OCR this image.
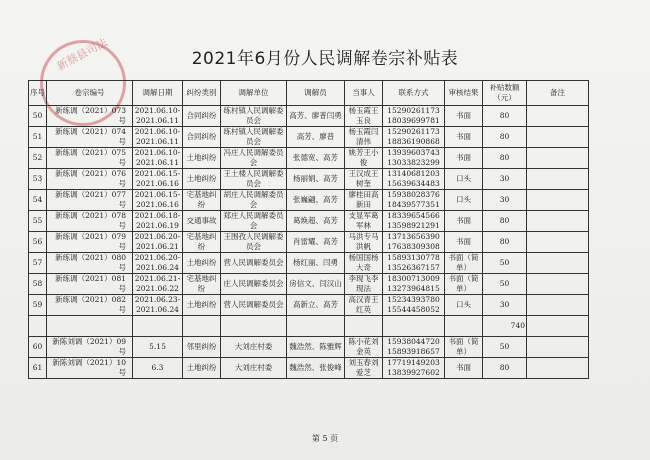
新蔡县司法	2021年6月份人民调解卷宗补贴表
序号	卷宗编号	调解日期	纠纷类别	调解单位	调解员	当事人	联系方式	审核结果	补贴数额（元）	备注
50	新练调（2021）073号	2021.06.10-2021.06.11	合同纠纷	练村镇人民调解委员会	高芳、廖普闫勇	杨玉霞王玉良	15290261173 18039699781	书面	80	
51	新练调（2021）074号	2021.06.10-2021.06.11	合同纠纷	练村镇人民调解委员会	高芳、廖普	杨玉霞闫清伟	15290261173 18836190868	书面	80	
52	新练调（2021）075号	2021.06.10-2021.06.11	土地纠纷	冯庄人民调解委员会	张德宽、高芳	姚芳王小俊	13939603743 13033823299	书面	80	
53	新练调（2021）076号	2021.06.15-2021.06.16	土地纠纷	王土楼人民调解委员会	杨丽娟、高芳	王汉成王树奎	13140681203 15639634483	口头	30	
54	新练调（2021）077号	2021.06.15-2021.06.16	宅基地纠纷	胡庄人民调解委员会	张巍翩、高芳	廖桂田高新田	15938028376 18439577351	口头	30	
55	新练调（2021）078号	2021.06.18-2021.06.19	交通事故	郑庄人民调解委员会	葛焕超、高芳	支显军葛军林	18339654566 13598921291	书面	80	
56	新练调（2021）079号	2021.06.20-2021.06.21	宅基地纠纷	王围孜人民调解委员会	肖雷耀、高芳	马洪专马洪帆	13713656390 17638309308	书面	80	
57	新练调（2021）080号	2021.06.20-2021.06.24	土地纠纷	营人民调解委员会	杨红丽、闫勇	杨国国杨大奇	15893130778 13526367157	书面（简单）	50	
58	新练调（2021）081号	2021.06.21-2021.06.22	宅基地纠纷	庄人民调解委员会	房信文、闫汉山	李现飞李现法	18300713009 13273964815	书面（简单）	50	
59	新练调（2021）082号	2021.06.23-2021.06.24	土地纠纷	营人民调解委员会	高新立、高芳	高汉青王红英	15234393780 15544458052	口头	30	
									740	
60	新陈刘调（2021）09号	5.15	邻里纠纷	大刘庄村委	魏浩然、陈雅辉	陈小花刘金英	15938044720 15893918657	书面（简单）	50	
61	新陈刘调（2021）10号	6.3	土地纠纷	大刘庄村委	魏浩然、张俊峰	刘玉春刘爱芝	17719149203 13839927602	书面	80	
第 5 页
